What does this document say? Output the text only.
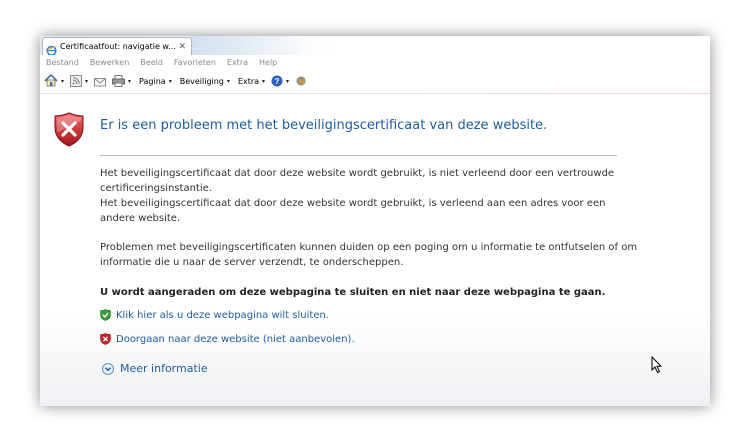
Certificaatfout: navigatie w... ✕
Bestand Bewerken Beeld Favorieten Extra Help
▾	▾	▾ Pagina ▾ Beveiliging ▾ Extra ▾ ? ▾
Er is een probleem met het beveiligingscertificaat van deze website.
Het beveiligingscertificaat dat door deze website wordt gebruikt, is niet verleend door een vertrouwde certificeringsinstantie.
Het beveiligingscertificaat dat door deze website wordt gebruikt, is verleend aan een adres voor een andere website.
Problemen met beveiligingscertificaten kunnen duiden op een poging om u informatie te ontfutselen of om informatie die u naar de server verzendt, te onderscheppen.
U wordt aangeraden om deze webpagina te sluiten en niet naar deze webpagina te gaan.
Klik hier als u deze webpagina wilt sluiten.
Doorgaan naar deze website (niet aanbevolen).
Meer informatie
